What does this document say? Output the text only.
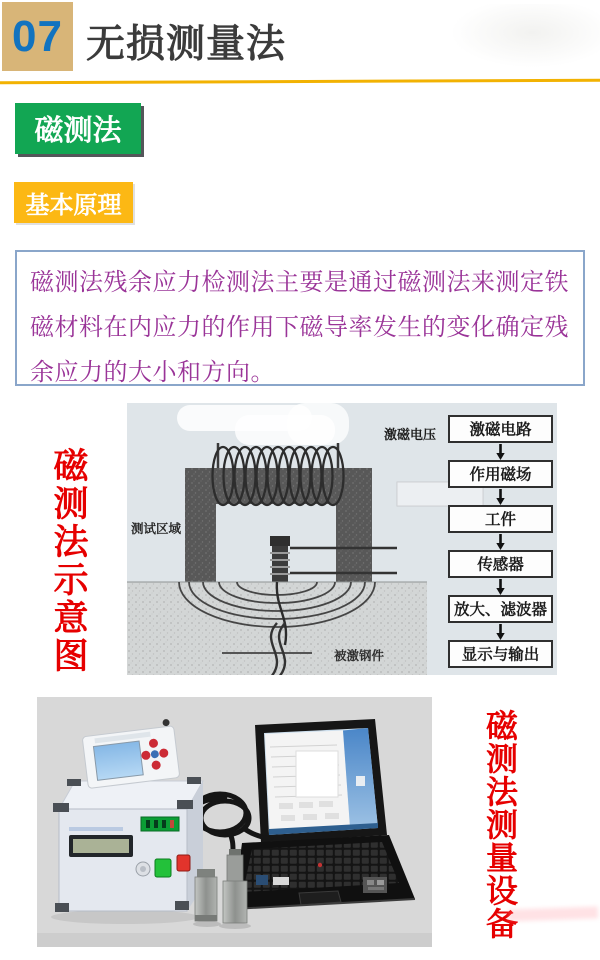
07 无损测量法
磁测法
基本原理

磁测法残余应力检测法主要是通过磁测法来测定铁磁材料在内应力的作用下磁导率发生的变化确定残余应力的大小和方向。

磁测法示意图	测试区域
激磁电压
被激钢件
激磁电路
作用磁场
工件
传感器
放大、滤波器
显示与输出
磁测法测量设备
